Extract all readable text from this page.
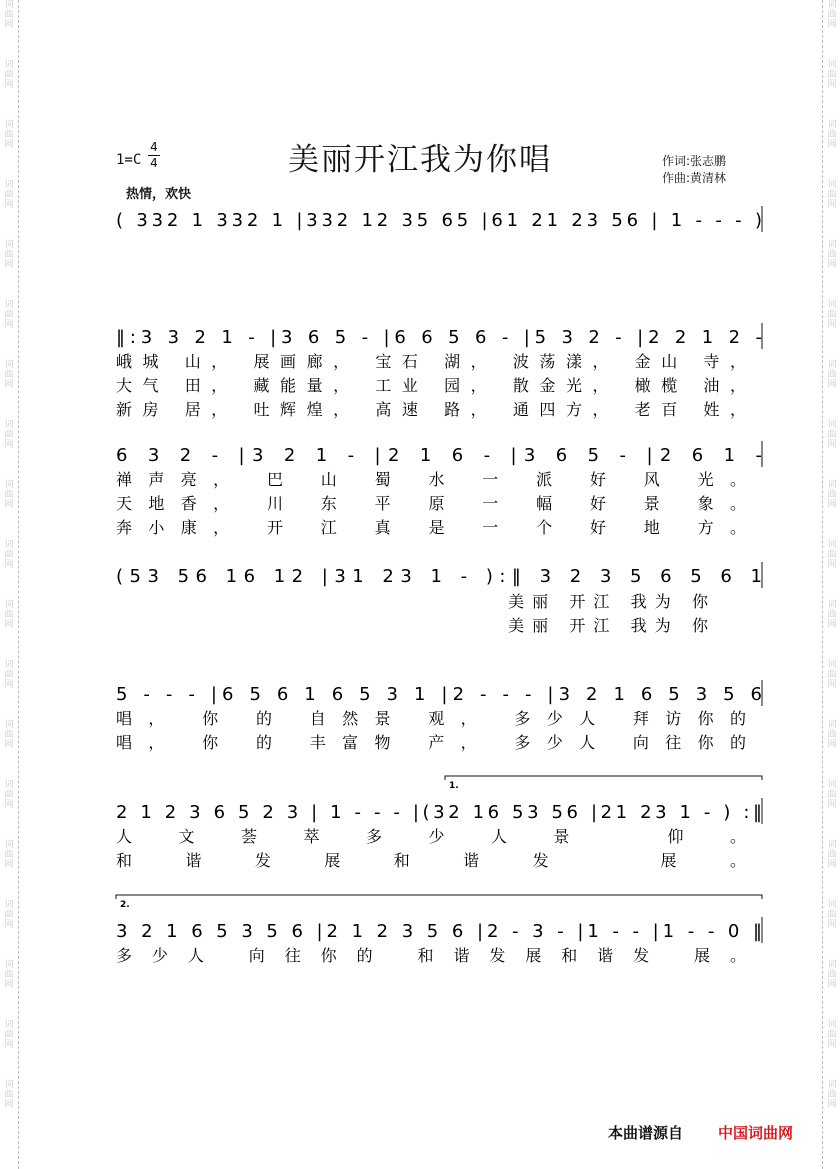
词
曲
网

词
曲
网

词
曲
网

词
曲
网

词
曲
网

词
曲
网

词
曲
网

词
曲
网

词
曲
网

词
曲
网

词
曲
网

词
曲
网

词
曲
网

词
曲
网

词
曲
网

词
曲
网

词
曲
网

词
曲
网

词
曲
网

词
曲
网

词
曲
网

词
曲
网

词
曲
网

词
曲
网

词
曲
网

词
曲
网

词
曲
网

词
曲
网

词
曲
网

词
曲
网

词
曲
网

词
曲
网

词
曲
网

词
曲
网

词
曲
网

词
曲
网

词
曲
网

词
曲
网

1=C
4
4	美丽开江我为你唱	作词:张志鹏
作曲:黄清林
热情，欢快
( 332 1 332 1 |332 12 35 65 |61 21 23 56 | 1 - - - )
‖:3 3 2 1 - |3 6 5 - |6 6 5 6 - |5 3 2 - |2 2 1 2 -
峨城 山， 展画廊， 宝石 湖， 波荡漾， 金山 寺，
大气 田， 藏能量， 工业 园， 散金光， 橄榄 油，
新房 居， 吐辉煌， 高速 路， 通四方， 老百 姓，
6 3 2 - |3 2 1 - |2 1 6 - |3 6 5 - |2 6 1 -
禅声亮， 巴 山 蜀 水 一 派 好 风 光。
天地香， 川 东 平 原 一 幅 好 景 象。
奔小康， 开 江 真 是 一 个 好 地 方。
(53 56 16 12 |31 23 1 - ):‖ 3 2 3 5 6 5 6 1
美丽 开江 我为 你
美丽 开江 我为 你
5 - - - |6 5 6 1 6 5 3 1 |2 - - - |3 2 1 6 5 3 5 6
唱， 你 的 自然景 观， 多少人 拜访你的
唱， 你 的 丰富物 产， 多少人 向往你的
2 1 2 3 6 5 2 3 | 1 - - - |(32 16 53 56 |21 23 1 - ) :‖
人文荟萃多少人景 仰。
和谐发展和谐发 展。
1.
3 2 1 6 5 3 5 6 |2 1 2 3 5 6 |2 - 3 - |1 - - |1 - - 0 ‖
多少人 向往你的 和谐发展和谐发 展。
2.
本曲谱源自 中国词曲网
